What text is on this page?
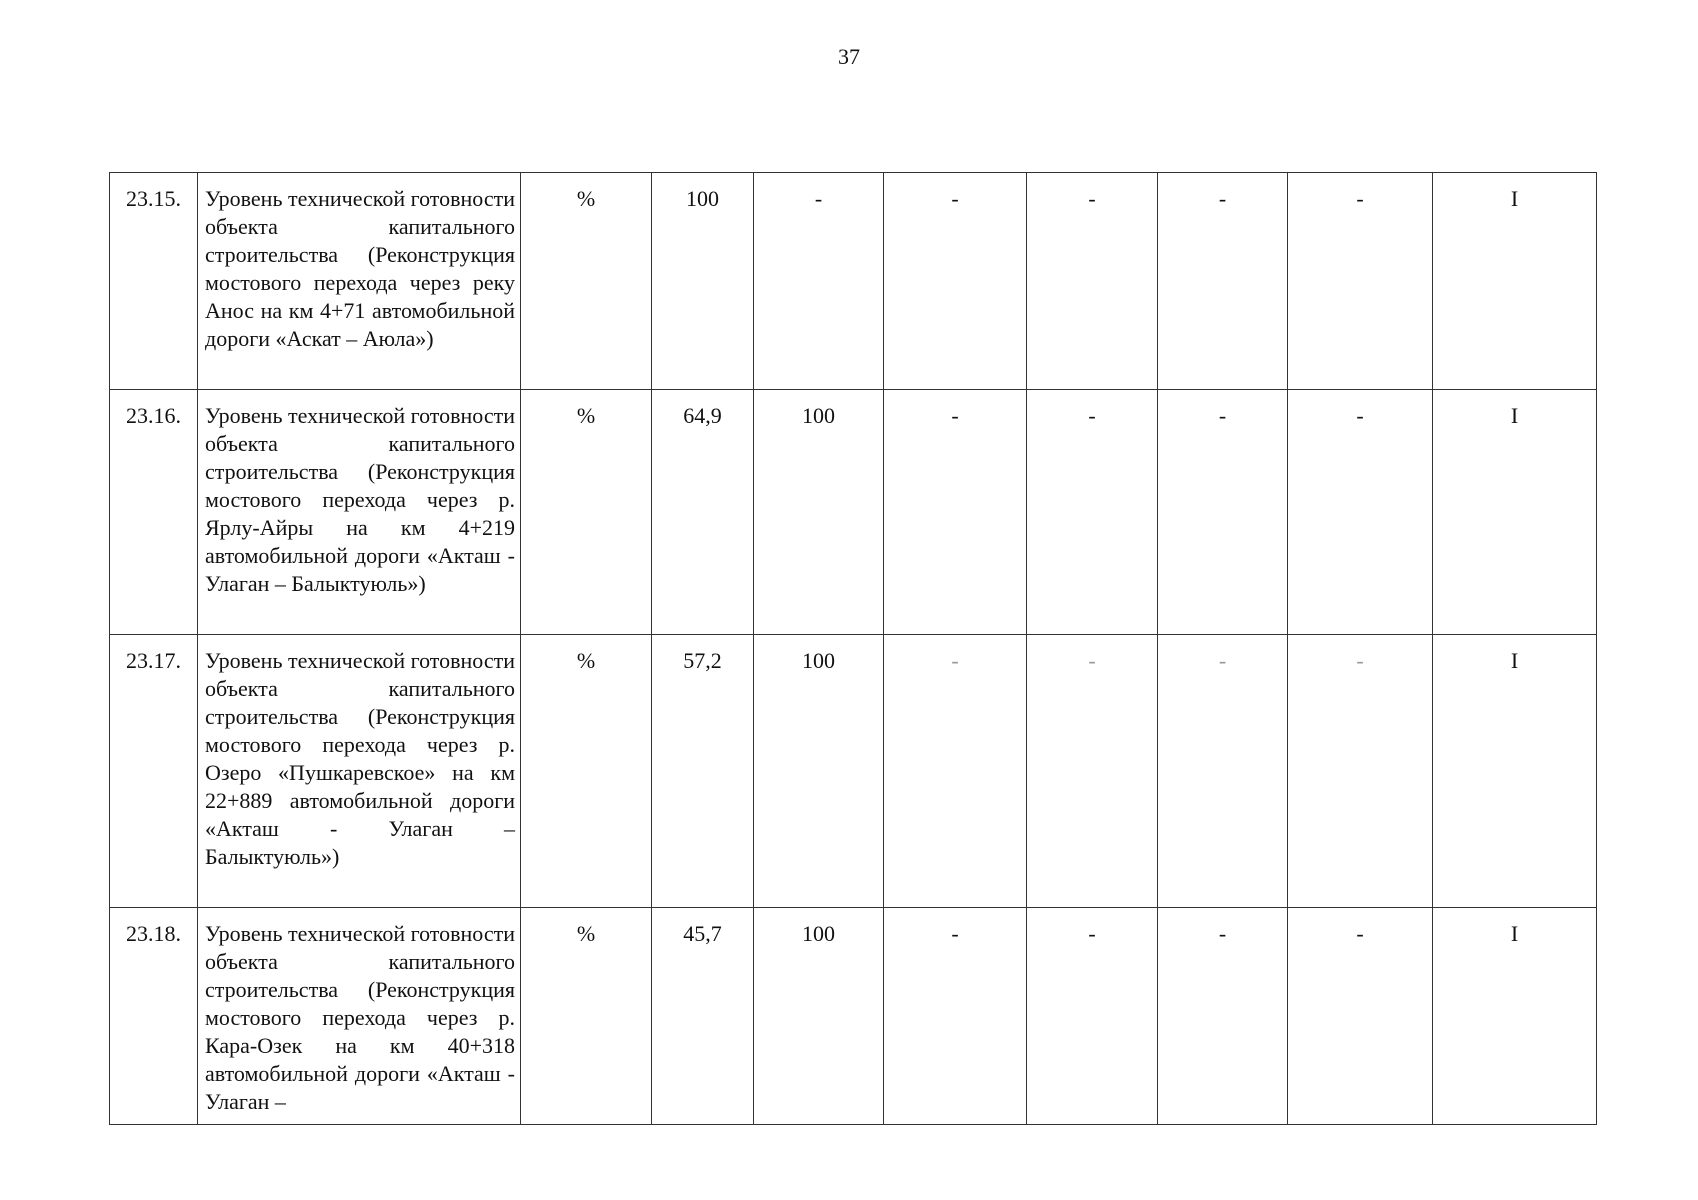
37
23.15.	Уровень технической готовности объекта капитального строительства (Реконструкция мостового перехода через реку Анос на км 4+71 автомобильной дороги «Аскат – Аюла»)	%	100	-	-	-	-	-	I
23.16.	Уровень технической готовности объекта капитального строительства (Реконструкция мостового перехода через р. Ярлу-Айры на км 4+219 автомобильной дороги «Акташ - Улаган – Балыктуюль»)	%	64,9	100	-	-	-	-	I
23.17.	Уровень технической готовности объекта капитального строительства (Реконструкция мостового перехода через р. Озеро «Пушкаревское» на км 22+889 автомобильной дороги «Акташ - Улаган – Балыктуюль»)	%	57,2	100	-	-	-	-	I
23.18.	Уровень технической готовности объекта капитального строительства (Реконструкция мостового перехода через р. Кара-Озек на км 40+318 автомобильной дороги «Акташ - Улаган –	%	45,7	100	-	-	-	-	I
